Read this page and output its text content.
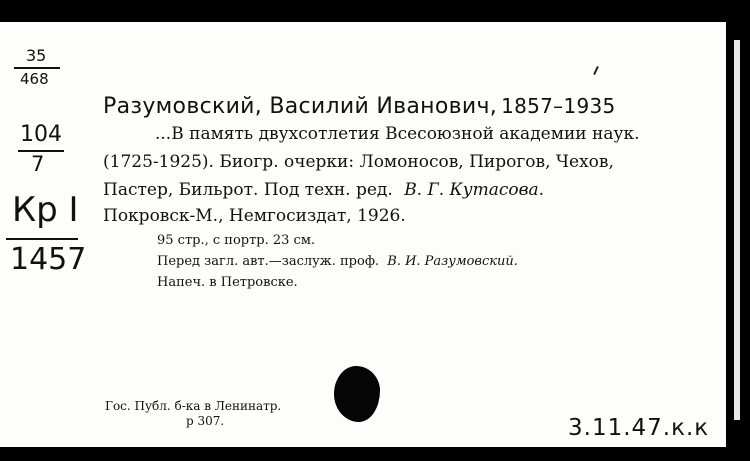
35
468
104
7
Кр I
1457
Разумовский, Василий Иванович, 1857–1935
...В память двухсотлетия Всесоюзной академии наук.
(1725-1925). Биогр. очерки: Ломоносов, Пирогов, Чехов,
Пастер, Бильрот. Под техн. ред. В. Г. Кутасова.
Покровск-М., Немгосиздат, 1926.
95 стр., с портр. 23 см.
Перед загл. авт.—заслуж. проф. В. И. Разумовский.
Напеч. в Петровске.
Гос. Публ. б-ка в Ленинатр.
р 307.	3.11.47.к.к
